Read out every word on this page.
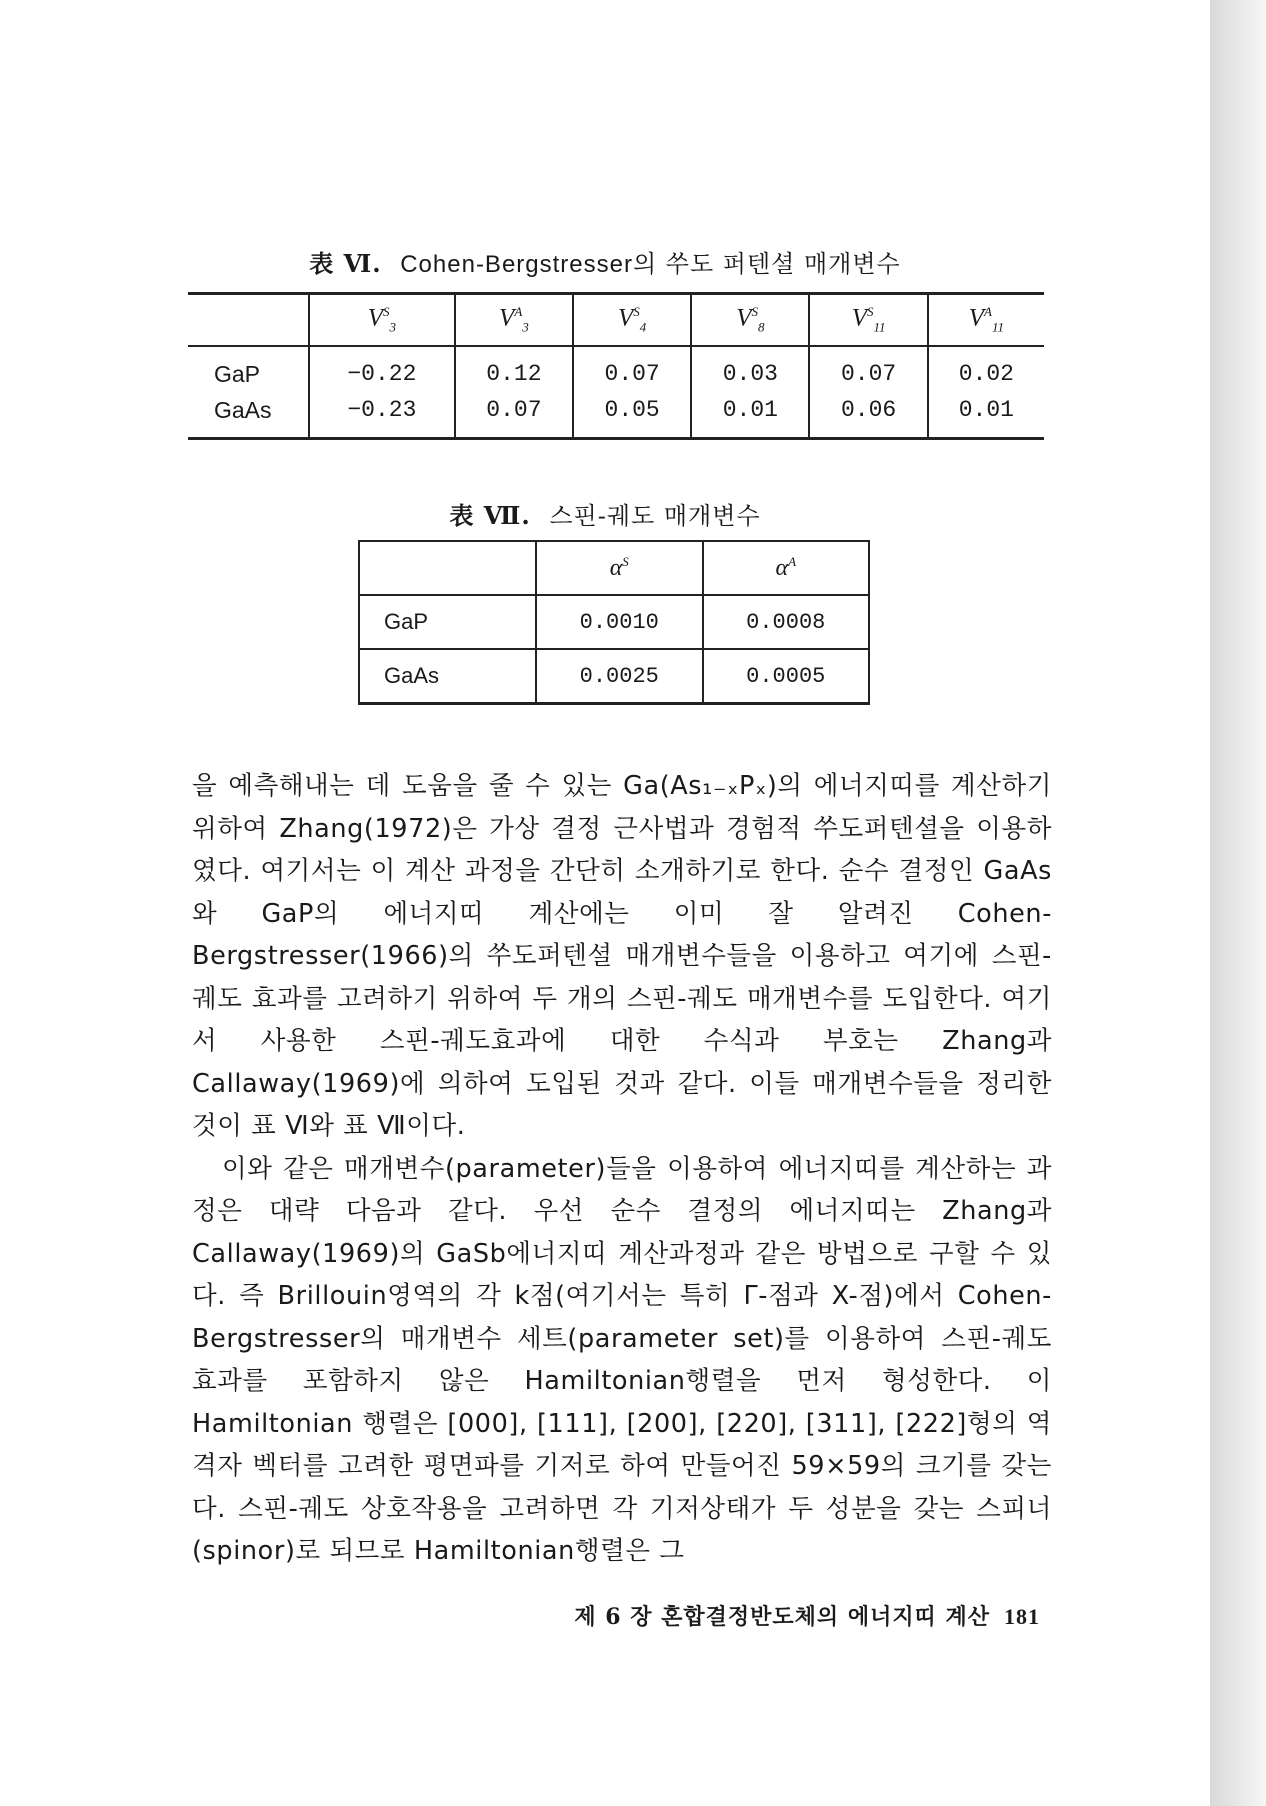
表 Ⅵ. Cohen-Bergstresser의 쑤도 퍼텐셜 매개변수
	$V^S_3$	$V^A_3$	$V^S_4$	$V^S_8$	$V^S_{11}$	$V^A_{11}$
GaP	−0.22	0.12	0.07	0.03	0.07	0.02
GaAs	−0.23	0.07	0.05	0.01	0.06	0.01
表 Ⅶ. 스핀-궤도 매개변수
	$\alpha^S$	$\alpha^A$
GaP	0.0010	0.0008
GaAs	0.0025	0.0005

을 예측해내는 데 도움을 줄 수 있는 Ga(As₁₋ₓPₓ)의 에너지띠를 계산하기 위하여 Zhang(1972)은 가상 결정 근사법과 경험적 쑤도퍼텐셜을 이용하였다. 여기서는 이 계산 과정을 간단히 소개하기로 한다. 순수 결정인 GaAs와 GaP의 에너지띠 계산에는 이미 잘 알려진 Cohen-Bergstresser(1966)의 쑤도퍼텐셜 매개변수들을 이용하고 여기에 스핀-궤도 효과를 고려하기 위하여 두 개의 스핀-궤도 매개변수를 도입한다. 여기서 사용한 스핀-궤도효과에 대한 수식과 부호는 Zhang과 Callaway(1969)에 의하여 도입된 것과 같다. 이들 매개변수들을 정리한 것이 표 Ⅵ와 표 Ⅶ이다.

이와 같은 매개변수(parameter)들을 이용하여 에너지띠를 계산하는 과정은 대략 다음과 같다. 우선 순수 결정의 에너지띠는 Zhang과 Callaway(1969)의 GaSb에너지띠 계산과정과 같은 방법으로 구할 수 있다. 즉 Brillouin영역의 각 k점(여기서는 특히 Γ-점과 X-점)에서 Cohen-Bergstresser의 매개변수 세트(parameter set)를 이용하여 스핀-궤도 효과를 포함하지 않은 Hamiltonian행렬을 먼저 형성한다. 이 Hamiltonian 행렬은 [000], [111], [200], [220], [311], [222]형의 역격자 벡터를 고려한 평면파를 기저로 하여 만들어진 59×59의 크기를 갖는다. 스핀-궤도 상호작용을 고려하면 각 기저상태가 두 성분을 갖는 스피너(spinor)로 되므로 Hamiltonian행렬은 그

제 6 장 혼합결정반도체의 에너지띠 계산 181
